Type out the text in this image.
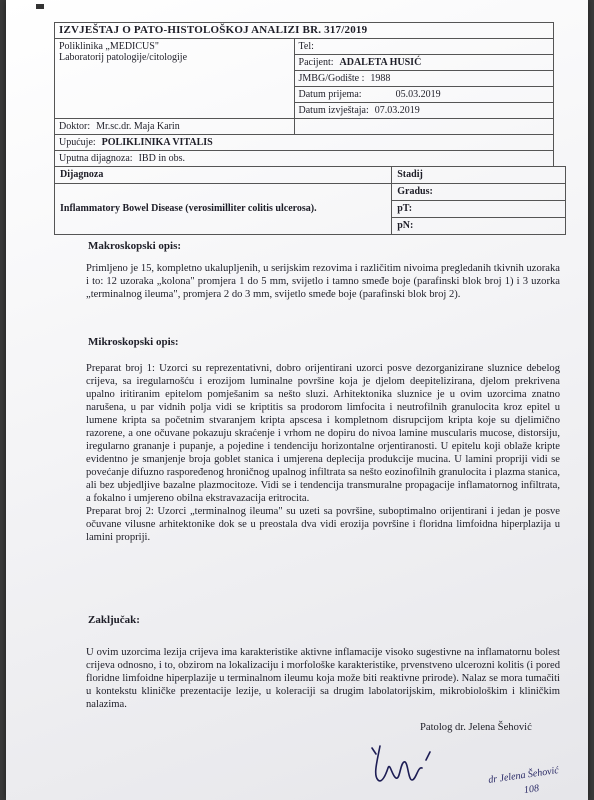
IZVJEŠTAJ O PATO-HISTOLOŠKOJ ANALIZI BR. 317/2019	

Poliklinika „MEDICUS"
Laboratorij patologije/citologije	Tel:
	Pacijent: ADALETA HUSIĆ
	JMBG/Godište : 1988
	Datum prijema: 05.03.2019
	Datum izvještaja: 07.03.2019
Doktor: Mr.sc.dr. Maja Karin	
Upućuje: POLIKLINIKA VITALIS	
Uputna dijagnoza: IBD in obs.	
Dijagnoza	Stadij
Inflammatory Bowel Disease (verosimilliter colitis ulcerosa).	Gradus:
	pT:
	pN:
Makroskopski opis:
Primljeno je 15, kompletno ukalupljenih, u serijskim rezovima i različitim nivoima pregledanih tkivnih uzoraka i to: 12 uzoraka „kolona" promjera 1 do 5 mm, svijetlo i tamno smeđe boje (parafinski blok broj 1) i 3 uzorka „terminalnog ileuma", promjera 2 do 3 mm, svijetlo smeđe boje (parafinski blok broj 2).
Mikroskopski opis:

Preparat broj 1: Uzorci su reprezentativni, dobro orijentirani uzorci posve dezorganizirane sluznice debelog crijeva, sa iregularnošću i erozijom luminalne površine koja je djelom deepitelizirana, djelom prekrivena upalno iritiranim epitelom pomješanim sa nešto sluzi. Arhitektonika sluznice je u ovim uzorcima znatno narušena, u par vidnih polja vidi se kriptitis sa prodorom limfocita i neutrofilnih granulocita kroz epitel u lumene kripta sa početnim stvaranjem kripta apscesa i kompletnom disrupcijom kripta koje su djelimično razorene, a one očuvane pokazuju skraćenje i vrhom ne dopiru do nivoa lamine muscularis mucose, distorsiju, iregularno grananje i pupanje, a pojedine i tendenciju horizontalne orjentiranosti. U epitelu koji oblaže kripte evidentno je smanjenje broja goblet stanica i umjerena deplecija produkcije mucina. U lamini propriji vidi se povećanje difuzno raspoređenog hroničnog upalnog infiltrata sa nešto eozinofilnih granulocita i plazma stanica, ali bez ubjedljive bazalne plazmocitoze. Vidi se i tendencija transmuralne propagacije inflamatornog infiltrata, a fokalno i umjereno obilna ekstravazacija eritrocita.

Preparat broj 2: Uzorci „terminalnog ileuma" su uzeti sa površine, suboptimalno orijentirani i jedan je posve očuvane vilusne arhitektonike dok se u preostala dva vidi erozija površine i floridna limfoidna hiperplazija u lamini propriji.

Zaključak:
U ovim uzorcima lezija crijeva ima karakteristike aktivne inflamacije visoko sugestivne na inflamatornu bolest crijeva odnosno, i to, obzirom na lokalizaciju i morfološke karakteristike, prvenstveno ulcerozni kolitis (i pored floridne limfoidne hiperplazije u terminalnom ileumu koja može biti reaktivne prirode). Nalaz se mora tumačiti u kontekstu kliničke prezentacije lezije, u koleraciji sa drugim labolatorijskim, mikrobiološkim i kliničkim nalazima.
Patolog dr. Jelena Šehović
dr Jelena Šehović
108
